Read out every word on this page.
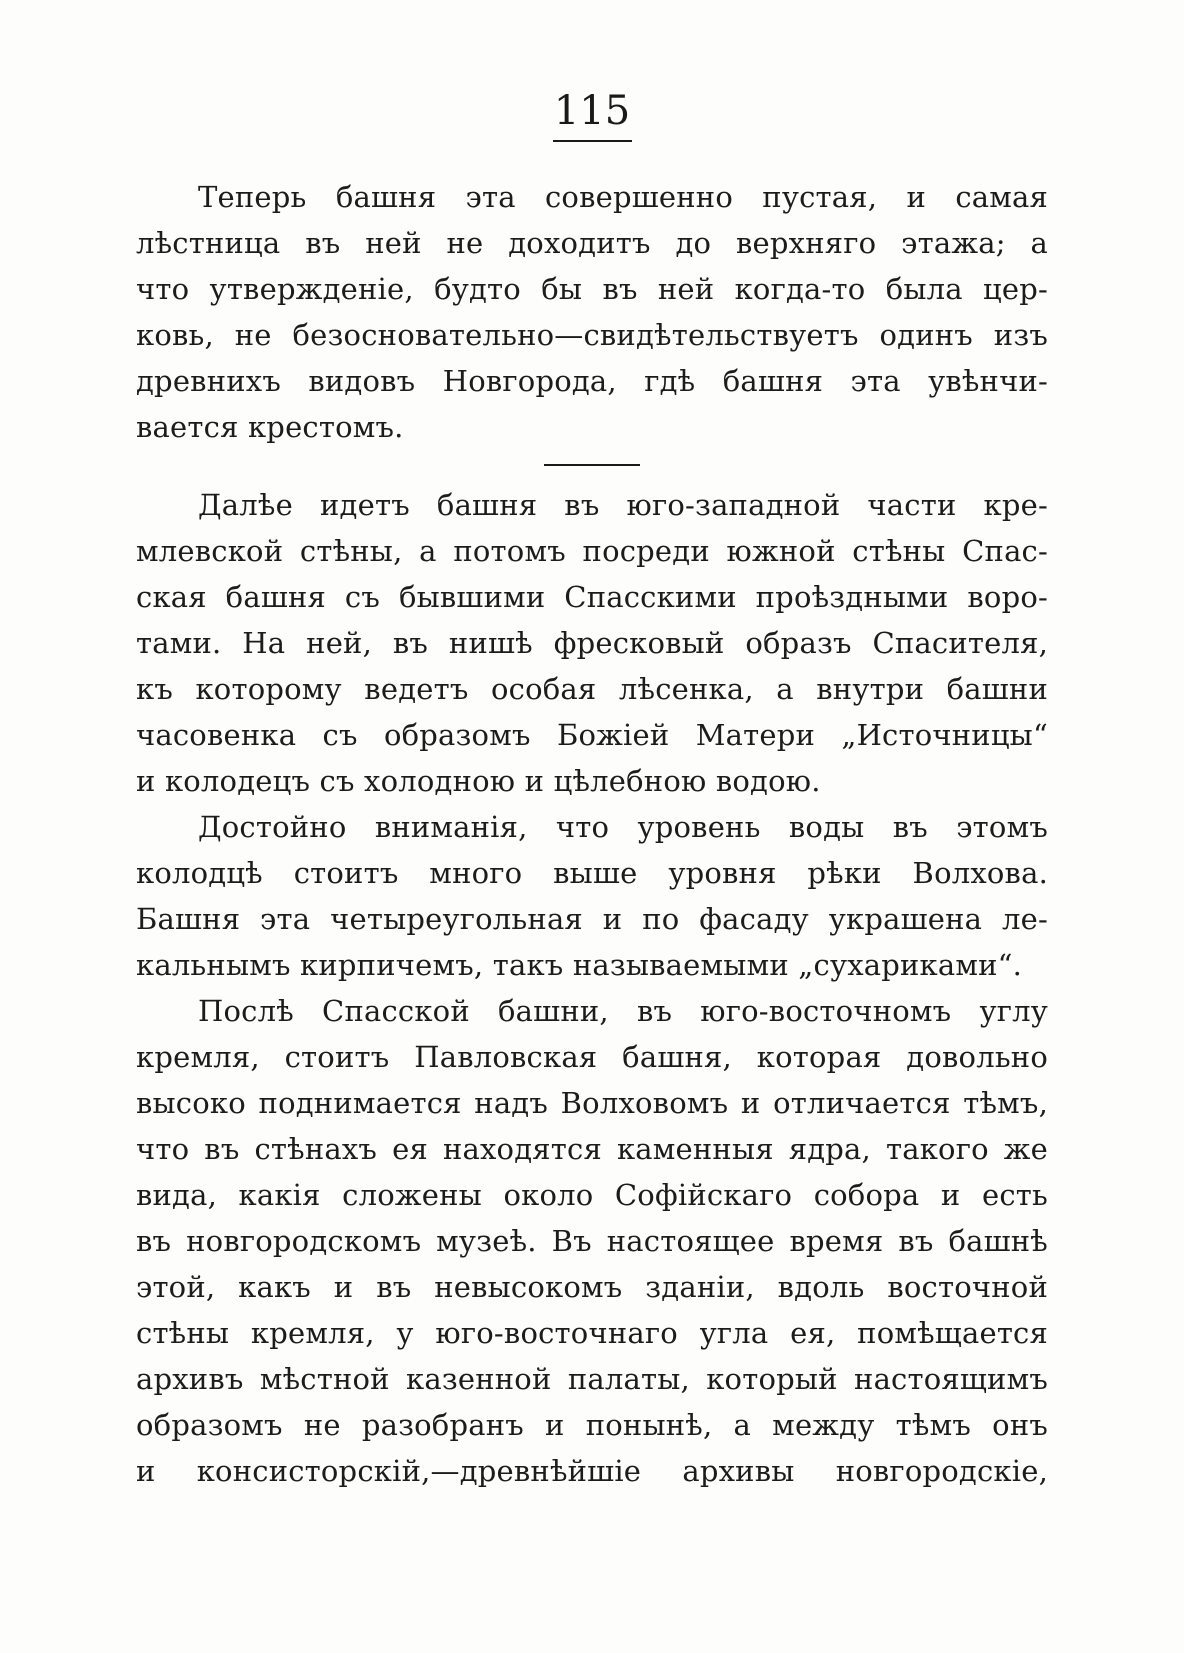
115
Теперь башня эта совершенно пустая, и самая
лѣстница въ ней не доходитъ до верхняго этажа; а
что утвержденіе, будто бы въ ней когда-то была цер-
ковь, не безосновательно—свидѣтельствуетъ одинъ изъ
древнихъ видовъ Новгорода, гдѣ башня эта увѣнчи-
вается крестомъ.
Далѣе идетъ башня въ юго-западной части кре-
млевской стѣны, а потомъ посреди южной стѣны Спас-
ская башня съ бывшими Спасскими проѣздными воро-
тами. На ней, въ нишѣ фресковый образъ Спасителя,
къ которому ведетъ особая лѣсенка, а внутри башни
часовенка съ образомъ Божіей Матери „Источницы“
и колодецъ съ холодною и цѣлебною водою.
Достойно вниманія, что уровень воды въ этомъ
колодцѣ стоитъ много выше уровня рѣки Волхова.
Башня эта четыреугольная и по фасаду украшена ле-
кальнымъ кирпичемъ, такъ называемыми „сухариками“.
Послѣ Спасской башни, въ юго-восточномъ углу
кремля, стоитъ Павловская башня, которая довольно
высоко поднимается надъ Волховомъ и отличается тѣмъ,
что въ стѣнахъ ея находятся каменныя ядра, такого же
вида, какія сложены около Софійскаго собора и есть
въ новгородскомъ музеѣ. Въ настоящее время въ башнѣ
этой, какъ и въ невысокомъ зданіи, вдоль восточной
стѣны кремля, у юго-восточнаго угла ея, помѣщается
архивъ мѣстной казенной палаты, который настоящимъ
образомъ не разобранъ и понынѣ, а между тѣмъ онъ
и консисторскій,—древнѣйшіе архивы новгородскіе,
